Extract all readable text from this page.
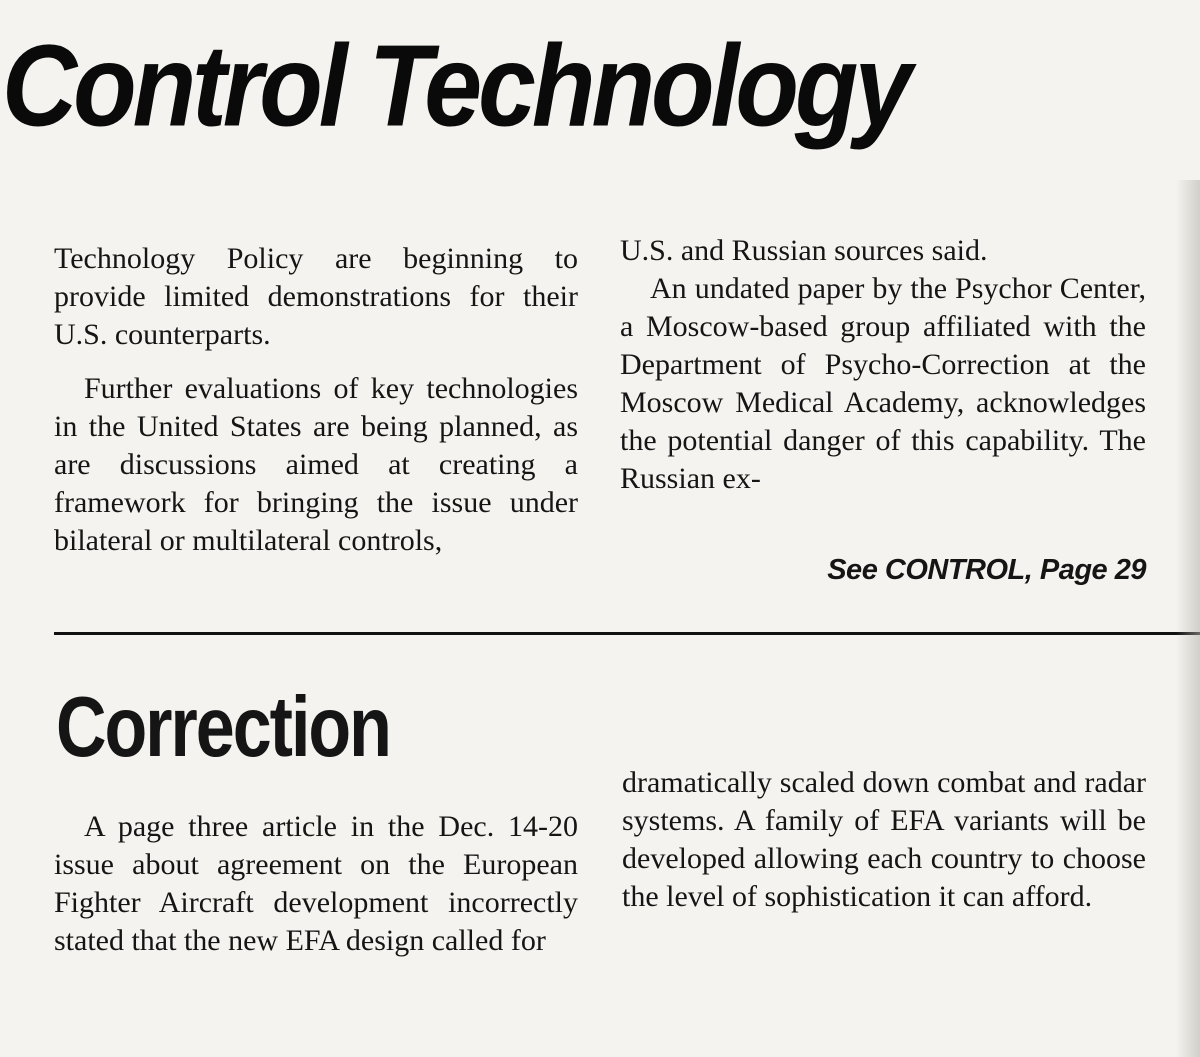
Control Technology

Technology Policy are beginning to provide limited demonstrations for their U.S. counterparts.

Further evaluations of key technologies in the United States are being planned, as are discussions aimed at creating a framework for bringing the issue under bilateral or multilateral controls,

U.S. and Russian sources said.

An undated paper by the Psychor Center, a Moscow-based group affiliated with the Department of Psycho-Correction at the Moscow Medical Academy, acknowledges the potential danger of this capability. The Russian ex-

See CONTROL, Page 29
Correction

A page three article in the Dec. 14-20 issue about agreement on the European Fighter Aircraft development incorrectly stated that the new EFA design called for

dramatically scaled down combat and radar systems. A family of EFA variants will be developed allowing each country to choose the level of sophistication it can afford.
